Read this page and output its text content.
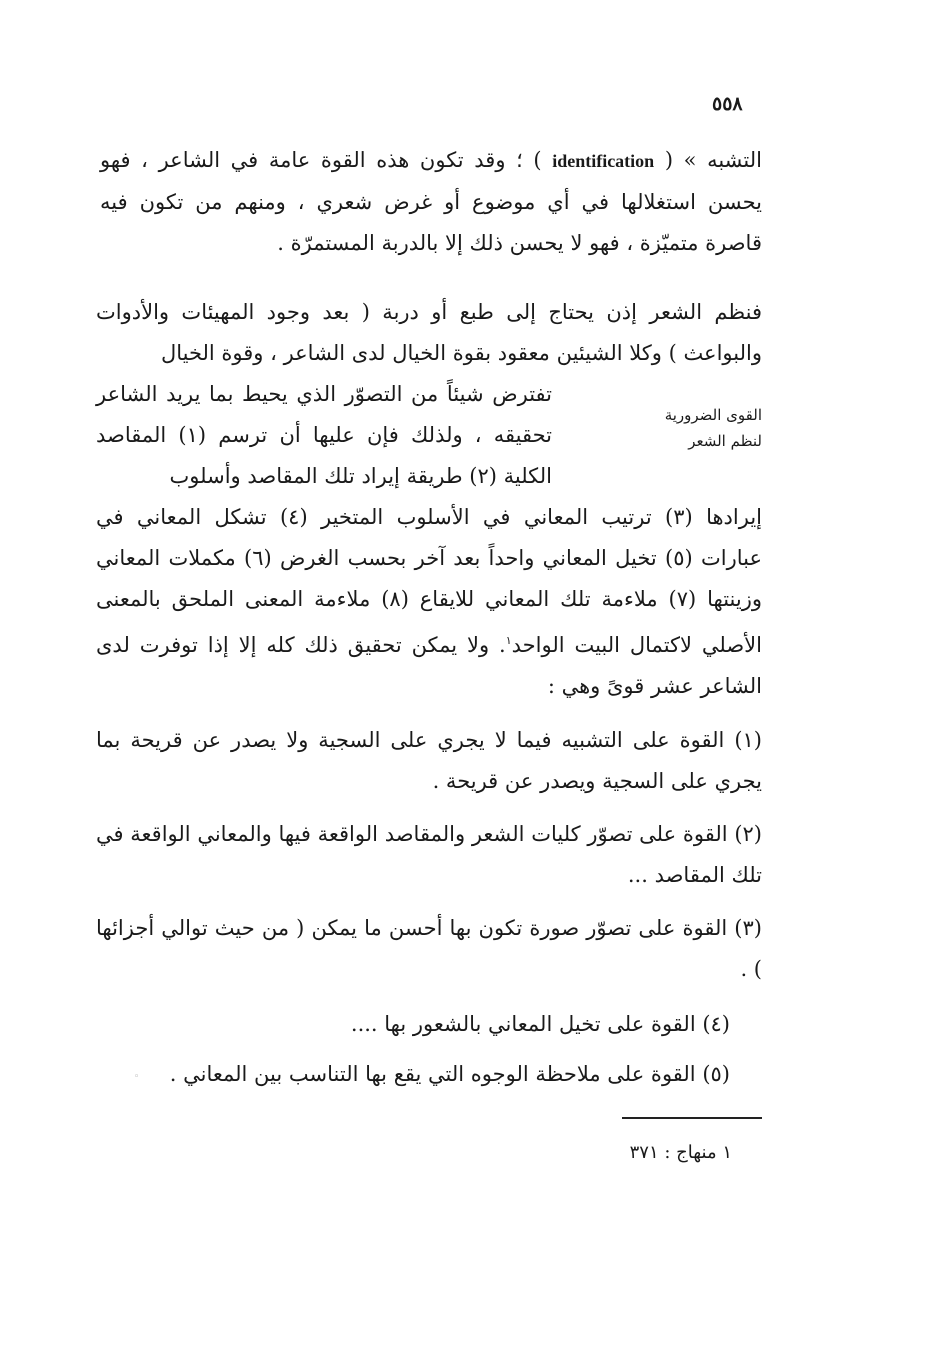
٥٥٨

التشبه » ( identification ) ؛ وقد تكون هذه القوة عامة في الشاعر ، فهو يحسن استغلالها في أي موضوع أو غرض شعري ، ومنهم من تكون فيه قاصرة متميّزة ، فهو لا يحسن ذلك إلا بالدربة المستمرّة .

فنظم الشعر إذن يحتاج إلى طبع أو دربة ( بعد وجود المهيئات والأدوات والبواعث ) وكلا الشيئين معقود بقوة الخيال لدى الشاعر ، وقوة الخيال

القوى الضرورية
لنظم الشعر

تفترض شيئاً من التصوّر الذي يحيط بما يريد الشاعر تحقيقه ، ولذلك فإن عليها أن ترسم (١) المقاصد الكلية (٢) طريقة إيراد تلك المقاصد وأسلوب

إيرادها (٣) ترتيب المعاني في الأسلوب المتخير (٤) تشكل المعاني في عبارات (٥) تخيل المعاني واحداً بعد آخر بحسب الغرض (٦) مكملات المعاني وزينتها (٧) ملاءمة تلك المعاني للايقاع (٨) ملاءمة المعنى الملحق بالمعنى الأصلي لاكتمال البيت الواحد$^١$. ولا يمكن تحقيق ذلك كله إلا إذا توفرت لدى الشاعر عشر قوىً وهي :

(١) القوة على التشبيه فيما لا يجري على السجية ولا يصدر عن قريحة بما يجري على السجية ويصدر عن قريحة .

(٢) القوة على تصوّر كليات الشعر والمقاصد الواقعة فيها والمعاني الواقعة في تلك المقاصد ...

(٣) القوة على تصوّر صورة تكون بها أحسن ما يمكن ( من حيث توالي أجزائها ) .

(٤) القوة على تخيل المعاني بالشعور بها ....

(٥) القوة على ملاحظة الوجوه التي يقع بها التناسب بين المعاني .

◦
١ منهاج : ٣٧١
